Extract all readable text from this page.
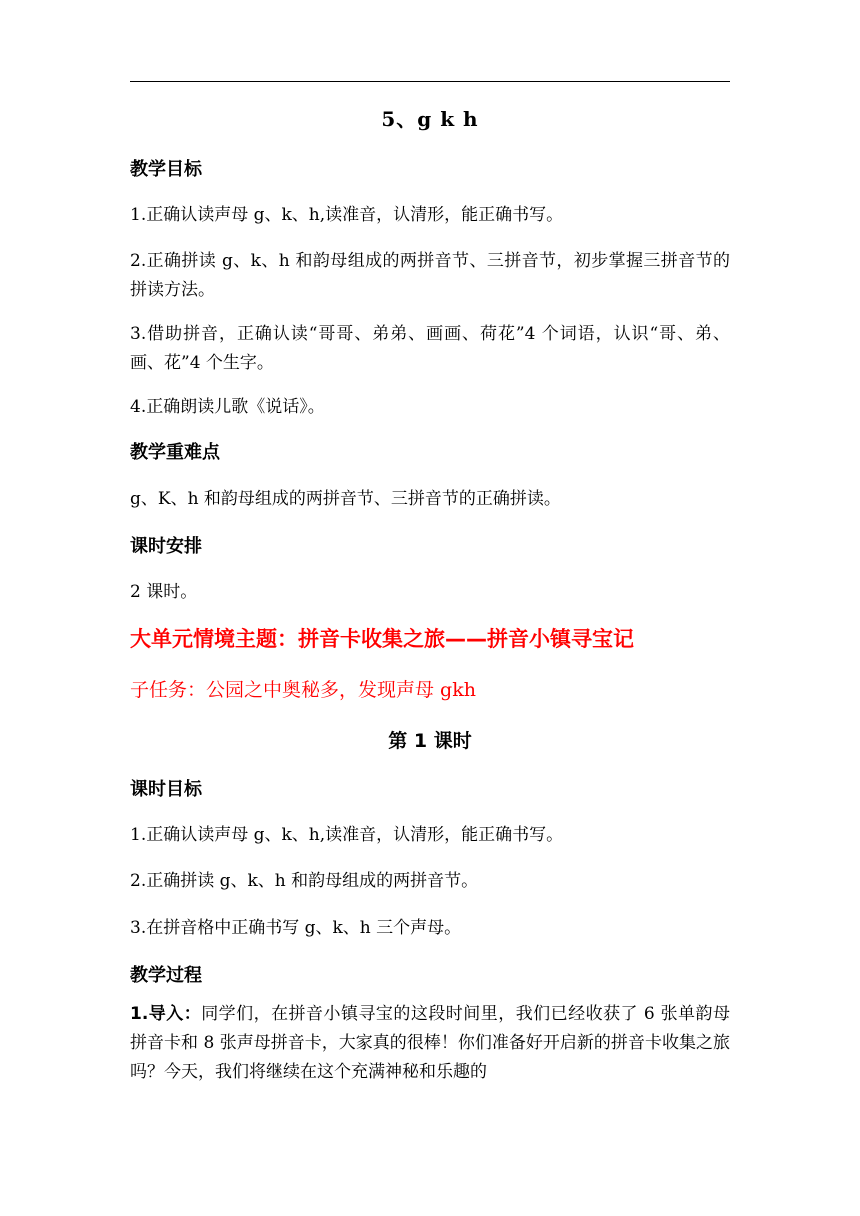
5、g k h

教学目标

1.正确认读声母 g、k、h,读准音，认清形，能正确书写。

2.正确拼读 g、k、h 和韵母组成的两拼音节、三拼音节，初步掌握三拼音节的拼读方法。

3.借助拼音，正确认读“哥哥、弟弟、画画、荷花”4 个词语，认识“哥、弟、画、花”4 个生字。

4.正确朗读儿歌《说话》。

教学重难点

g、K、h 和韵母组成的两拼音节、三拼音节的正确拼读。

课时安排

2 课时。

大单元情境主题：拼音卡收集之旅——拼音小镇寻宝记

子任务：公园之中奥秘多，发现声母 gkh

第 1 课时

课时目标

1.正确认读声母 g、k、h,读准音，认清形，能正确书写。

2.正确拼读 g、k、h 和韵母组成的两拼音节。

3.在拼音格中正确书写 g、k、h 三个声母。

教学过程

1.导入：同学们，在拼音小镇寻宝的这段时间里，我们已经收获了 6 张单韵母拼音卡和 8 张声母拼音卡，大家真的很棒！你们准备好开启新的拼音卡收集之旅吗？今天，我们将继续在这个充满神秘和乐趣的
